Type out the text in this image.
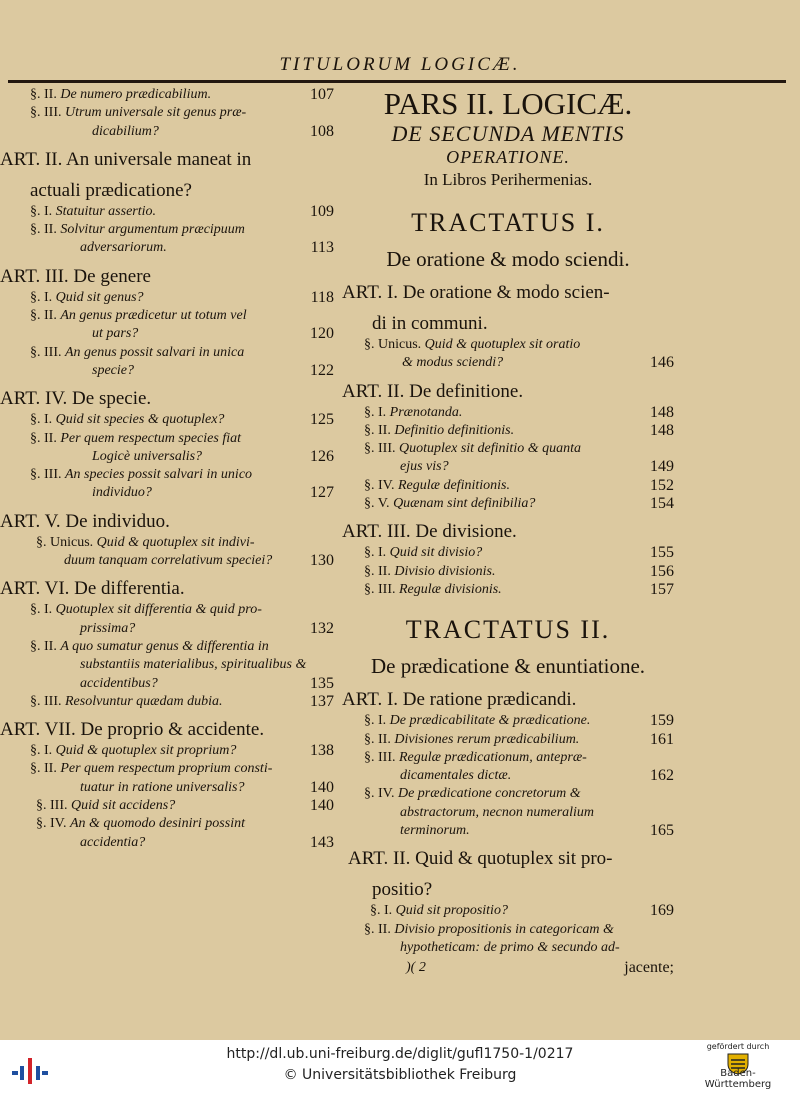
TITULORUM LOGICÆ.
§. II. De numero prædicabilium.	107
§. III. Utrum universale sit genus præ-
dicabilium?	108
ART. II. An universale maneat in
actuali prædicatione?
§. I. Statuitur assertio.	109
§. II. Solvitur argumentum præcipuum
adversariorum.	113
ART. III. De genere
§. I. Quid sit genus?	118
§. II. An genus prædicetur ut totum vel
ut pars?	120
§. III. An genus possit salvari in unica
specie?	122
ART. IV. De specie.
§. I. Quid sit species & quotuplex?	125
§. II. Per quem respectum species fiat
Logicè universalis?	126
§. III. An species possit salvari in unico
individuo?	127
ART. V. De individuo.
§. Unicus. Quid & quotuplex sit indivi-
duum tanquam correlativum speciei? 130
ART. VI. De differentia.
§. I. Quotuplex sit differentia & quid pro-
prissima?	132
§. II. A quo sumatur genus & differentia in
substantiis materialibus, spiritualibus &
accidentibus?	135
§. III. Resolvuntur quædam dubia.	137
ART. VII. De proprio & accidente.
§. I. Quid & quotuplex sit proprium?	138
§. II. Per quem respectum proprium consti-
tuatur in ratione universalis?	140
§. III. Quid sit accidens?	140
§. IV. An & quomodo desiniri possint
accidentia?	143
PARS II. LOGICÆ.
DE SECUNDA MENTIS
OPERATIONE.
In Libros Perihermenias.
TRACTATUS I.
De oratione & modo sciendi.
ART. I. De oratione & modo scien-
di in communi.
§. Unicus. Quid & quotuplex sit oratio
& modus sciendi?	146
ART. II. De definitione.
§. I. Prænotanda.	148
§. II. Definitio definitionis.	148
§. III. Quotuplex sit definitio & quanta
ejus vis?	149
§. IV. Regulæ definitionis.	152
§. V. Quænam sint definibilia?	154
ART. III. De divisione.
§. I. Quid sit divisio?	155
§. II. Divisio divisionis.	156
§. III. Regulæ divisionis.	157
TRACTATUS II.
De prædicatione & enuntiatione.
ART. I. De ratione prædicandi.
§. I. De prædicabilitate & prædicatione.	159
§. II. Divisiones rerum prædicabilium.	161
§. III. Regulæ prædicationum, antepræ-
dicamentales dictæ.	162
§. IV. De prædicatione concretorum &
abstractorum, necnon numeralium
terminorum.	165
ART. II. Quid & quotuplex sit pro-
positio?
§. I. Quid sit propositio?	169
§. II. Divisio propositionis in categoricam &
hypotheticam: de primo & secundo ad-
)( 2	jacente;
http://dl.ub.uni-freiburg.de/diglit/gufl1750-1/0217
© Universitätsbibliothek Freiburg
gefördert durch
Baden-Württemberg
